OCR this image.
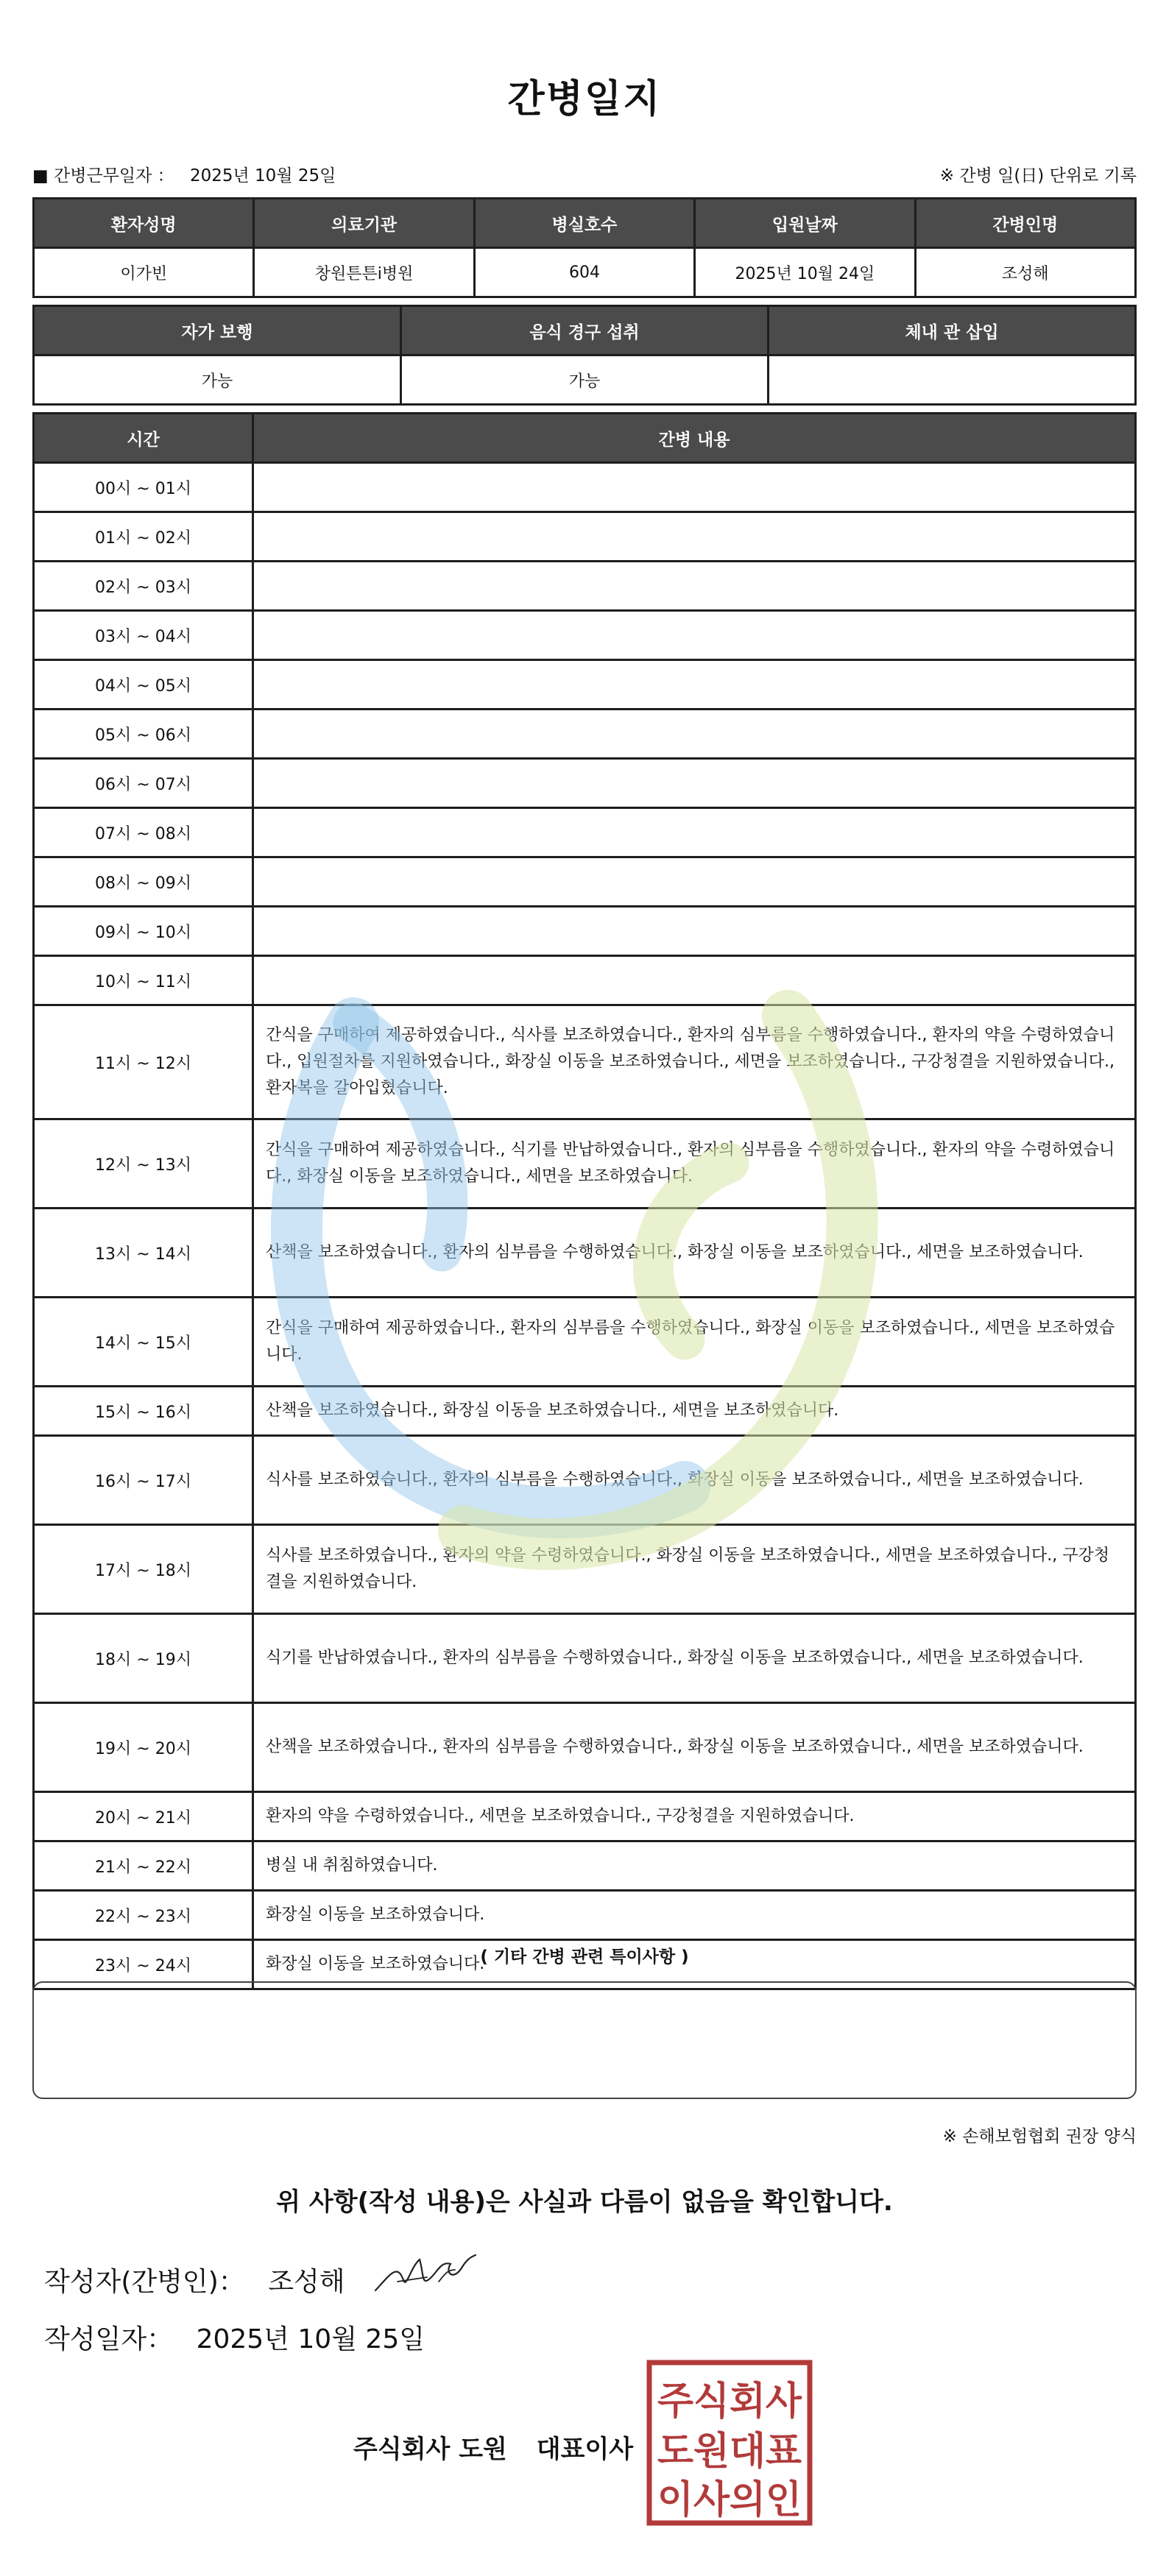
간병일지
■ 간병근무일자 ： 2025년 10월 25일	※ 간병 일(日) 단위로 기록
환자성명	의료기관	병실호수	입원날짜	간병인명
이가빈	창원튼튼i병원	604	2025년 10월 24일	조성해
자가 보행	음식 경구 섭취	체내 관 삽입
가능	가능	
시간	간병 내용
00시 ~ 01시	
01시 ~ 02시	
02시 ~ 03시	
03시 ~ 04시	
04시 ~ 05시	
05시 ~ 06시	
06시 ~ 07시	
07시 ~ 08시	
08시 ~ 09시	
09시 ~ 10시	
10시 ~ 11시	
11시 ~ 12시	간식을 구매하여 제공하였습니다., 식사를 보조하였습니다., 환자의 심부름을 수행하였습니다., 환자의 약을 수령하였습니다., 입원절차를 지원하였습니다., 화장실 이동을 보조하였습니다., 세면을 보조하였습니다., 구강청결을 지원하였습니다., 환자복을 갈아입혔습니다.
12시 ~ 13시	간식을 구매하여 제공하였습니다., 식기를 반납하였습니다., 환자의 심부름을 수행하였습니다., 환자의 약을 수령하였습니다., 화장실 이동을 보조하였습니다., 세면을 보조하였습니다.
13시 ~ 14시	산책을 보조하였습니다., 환자의 심부름을 수행하였습니다., 화장실 이동을 보조하였습니다., 세면을 보조하였습니다.
14시 ~ 15시	간식을 구매하여 제공하였습니다., 환자의 심부름을 수행하였습니다., 화장실 이동을 보조하였습니다., 세면을 보조하였습니다.
15시 ~ 16시	산책을 보조하였습니다., 화장실 이동을 보조하였습니다., 세면을 보조하였습니다.
16시 ~ 17시	식사를 보조하였습니다., 환자의 심부름을 수행하였습니다., 화장실 이동을 보조하였습니다., 세면을 보조하였습니다.
17시 ~ 18시	식사를 보조하였습니다., 환자의 약을 수령하였습니다., 화장실 이동을 보조하였습니다., 세면을 보조하였습니다., 구강청결을 지원하였습니다.
18시 ~ 19시	식기를 반납하였습니다., 환자의 심부름을 수행하였습니다., 화장실 이동을 보조하였습니다., 세면을 보조하였습니다.
19시 ~ 20시	산책을 보조하였습니다., 환자의 심부름을 수행하였습니다., 화장실 이동을 보조하였습니다., 세면을 보조하였습니다.
20시 ~ 21시	환자의 약을 수령하였습니다., 세면을 보조하였습니다., 구강청결을 지원하였습니다.
21시 ~ 22시	병실 내 취침하였습니다.
22시 ~ 23시	화장실 이동을 보조하였습니다.
23시 ~ 24시	화장실 이동을 보조하였습니다.
( 기타 간병 관련 특이사항 )
※ 손해보험협회 권장 양식
위 사항(작성 내용)은 사실과 다름이 없음을 확인합니다.
작성자(간병인)： 조성해
작성일자： 2025년 10월 25일
주식회사 도원 대표이사
주식회사
도원대표
이사의인
